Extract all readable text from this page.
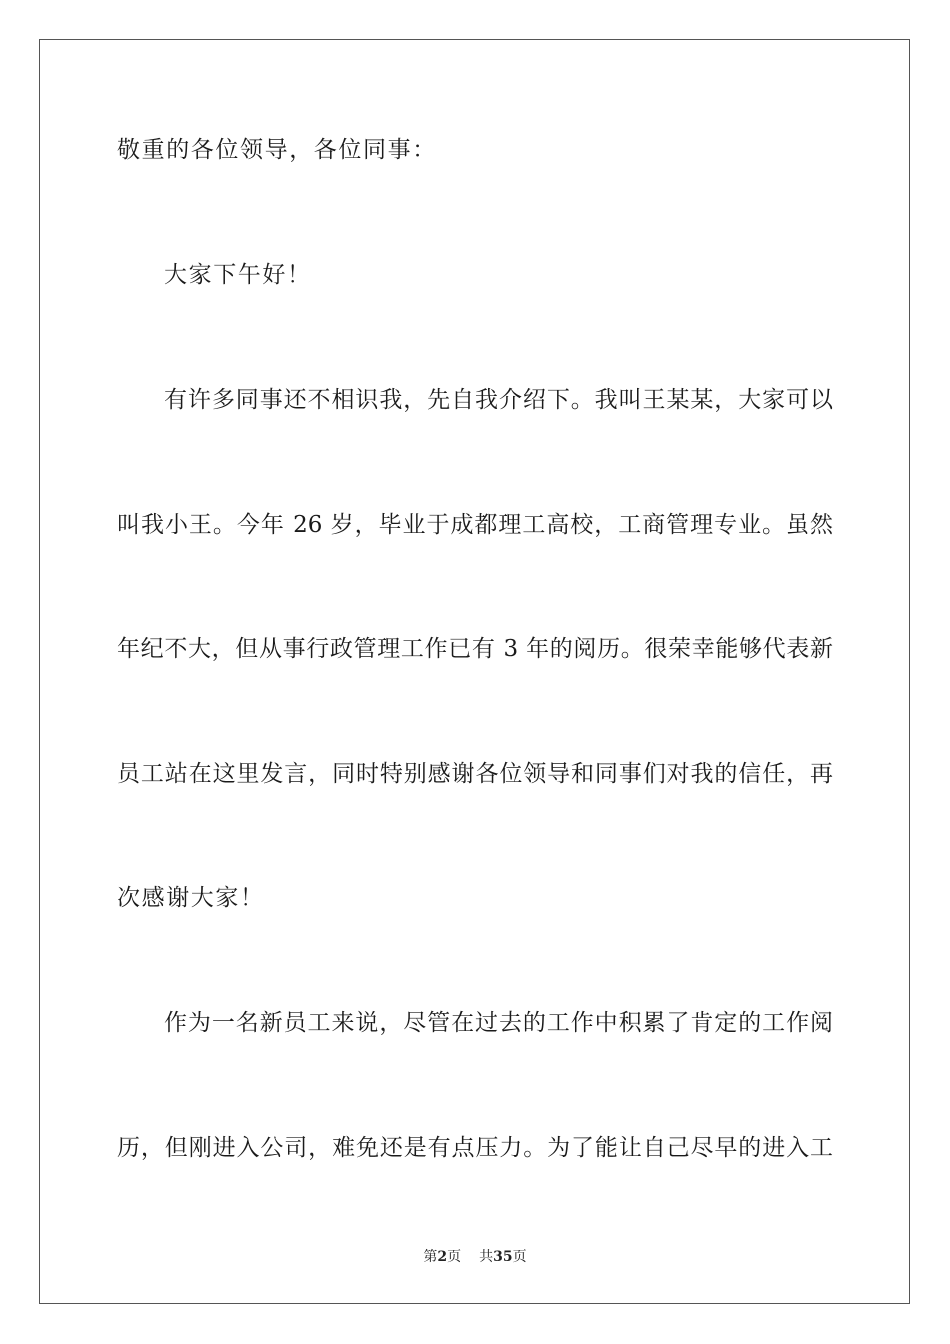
敬重的各位领导，各位同事：
大家下午好！
有许多同事还不相识我，先自我介绍下。我叫王某某，大家可以
叫我小王。今年 26 岁，毕业于成都理工高校，工商管理专业。虽然
年纪不大，但从事行政管理工作已有 3 年的阅历。很荣幸能够代表新
员工站在这里发言，同时特别感谢各位领导和同事们对我的信任，再
次感谢大家！
作为一名新员工来说，尽管在过去的工作中积累了肯定的工作阅
历，但刚进入公司，难免还是有点压力。为了能让自己尽早的进入工
第2页 共35页
